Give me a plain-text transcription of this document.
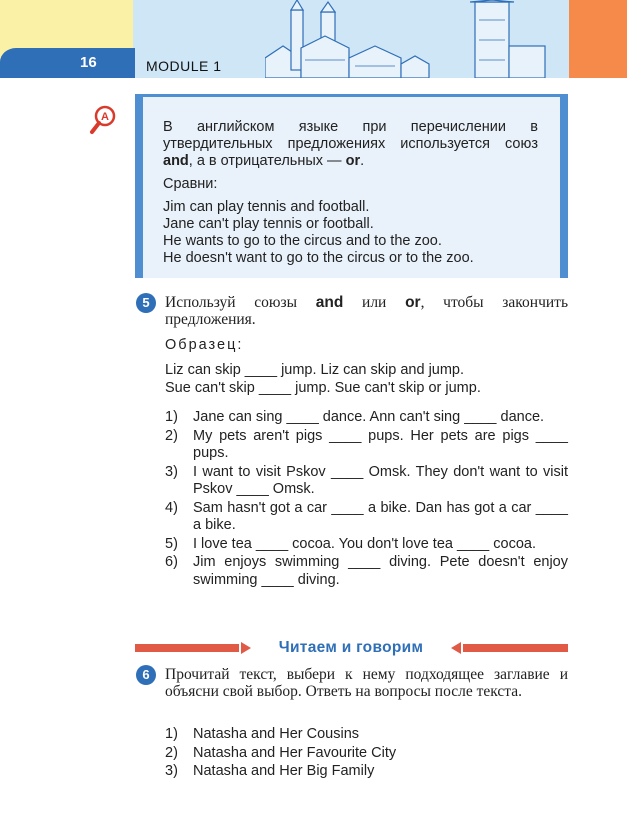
16	MODULE 1
A

В английском языке при перечислении в утвердительных предложениях используется союз and, а в отрицательных — or.

Сравни:

Jim can play tennis and football.

Jane can't play tennis or football.

He wants to go to the circus and to the zoo.

He doesn't want to go to the circus or to the zoo.

5 Используй союзы and или or, чтобы закончить предложения.
Образец:
Liz can skip ____ jump. Liz can skip and jump.
Sue can't skip ____ jump. Sue can't skip or jump.
1) Jane can sing ____ dance. Ann can't sing ____ dance.
2) My pets aren't pigs ____ pups. Her pets are pigs ____ pups.
3) I want to visit Pskov ____ Omsk. They don't want to visit Pskov ____ Omsk.
4) Sam hasn't got a car ____ a bike. Dan has got a car ____ a bike.
5) I love tea ____ cocoa. You don't love tea ____ cocoa.
6) Jim enjoys swimming ____ diving. Pete doesn't enjoy swimming ____ diving.
Читаем и говорим
6 Прочитай текст, выбери к нему подходящее заглавие и объясни свой выбор. Ответь на вопросы после текста.
1) Natasha and Her Cousins
2) Natasha and Her Favourite City
3) Natasha and Her Big Family
